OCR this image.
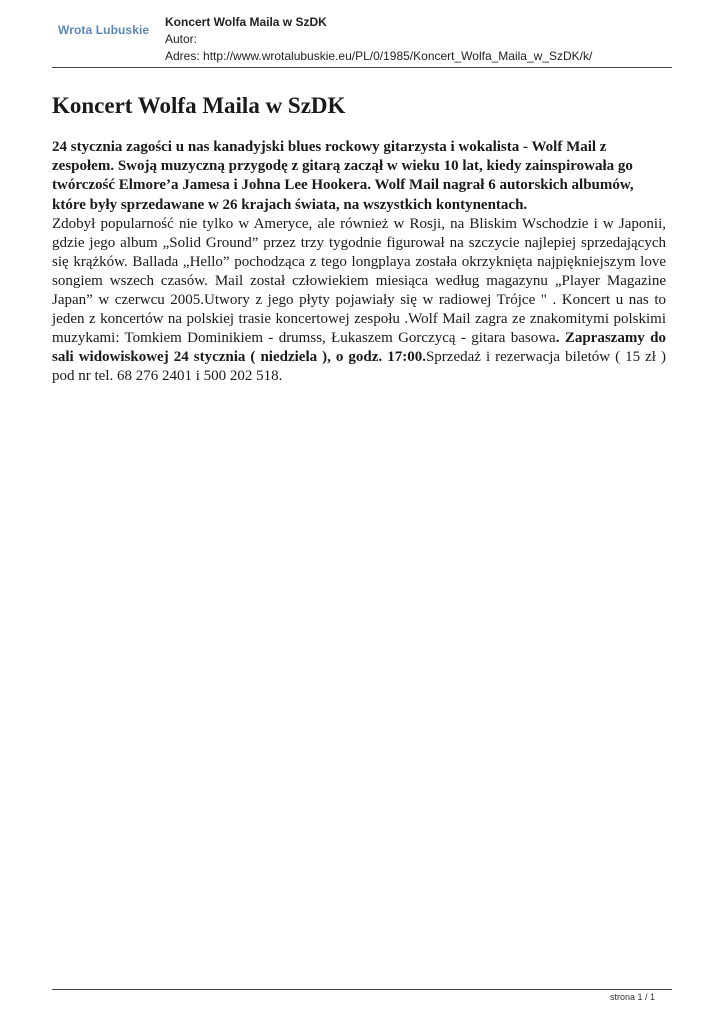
Wrota Lubuskie
Koncert Wolfa Maila w SzDK
Autor:
Adres: http://www.wrotalubuskie.eu/PL/0/1985/Koncert_Wolfa_Maila_w_SzDK/k/
Koncert Wolfa Maila w SzDK

24 stycznia zagości u nas kanadyjski blues rockowy gitarzysta i wokalista - Wolf Mail z zespołem. Swoją muzyczną przygodę z gitarą zaczął w wieku 10 lat, kiedy zainspirowała go twórczość Elmore’a Jamesa i Johna Lee Hookera. Wolf Mail nagrał 6 autorskich albumów, które były sprzedawane w 26 krajach świata, na wszystkich kontynentach.

Zdobył popularność nie tylko w Ameryce, ale również w Rosji, na Bliskim Wschodzie i w Japonii, gdzie jego album „Solid Ground” przez trzy tygodnie figurował na szczycie najlepiej sprzedających się krążków. Ballada „Hello” pochodząca z tego longplaya została okrzyknięta najpiękniejszym love songiem wszech czasów. Mail został człowiekiem miesiąca według magazynu „Player Magazine Japan” w czerwcu 2005.Utwory z jego płyty pojawiały się w radiowej Trójce " . Koncert u nas to jeden z koncertów na polskiej trasie koncertowej zespołu .Wolf Mail zagra ze znakomitymi polskimi muzykami: Tomkiem Dominikiem - drumss, Łukaszem Gorczycą - gitara basowa. Zapraszamy do sali widowiskowej 24 stycznia ( niedziela ), o godz. 17:00.Sprzedaż i rezerwacja biletów ( 15 zł ) pod nr tel. 68 276 2401 i 500 202 518.

strona 1 / 1
